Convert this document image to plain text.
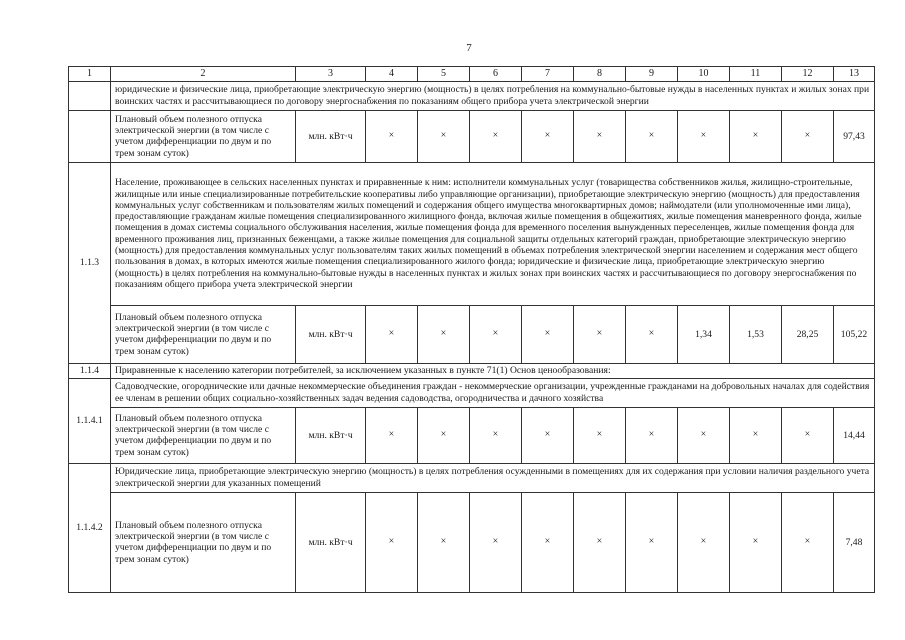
7
1	2	3	4	5	6	7	8	9	10	11	12	13
	юридические и физические лица, приобретающие электрическую энергию (мощность) в целях потребления на коммунально-бытовые нужды в населенных пунктах и жилых зонах при воинских частях и рассчитывающиеся по договору энергоснабжения по показаниям общего прибора учета электрической энергии											
	Плановый объем полезного отпуска электрической энергии (в том числе с учетом дифференциации по двум и по трем зонам суток)	млн. кВт·ч	×	×	×	×	×	×	×	×	×	97,43
1.1.3	Население, проживающее в сельских населенных пунктах и приравненные к ним: исполнители коммунальных услуг (товарищества собственников жилья, жилищно-строительные, жилищные или иные специализированные потребительские кооперативы либо управляющие организации), приобретающие электрическую энергию (мощность) для предоставления коммунальных услуг собственникам и пользователям жилых помещений и содержания общего имущества многоквартирных домов; наймодатели (или уполномоченные ими лица), предоставляющие гражданам жилые помещения специализированного жилищного фонда, включая жилые помещения в общежитиях, жилые помещения маневренного фонда, жилые помещения в домах системы социального обслуживания населения, жилые помещения фонда для временного поселения вынужденных переселенцев, жилые помещения фонда для временного проживания лиц, признанных беженцами, а также жилые помещения для социальной защиты отдельных категорий граждан, приобретающие электрическую энергию (мощность) для предоставления коммунальных услуг пользователям таких жилых помещений в объемах потребления электрической энергии населением и содержания мест общего пользования в домах, в которых имеются жилые помещения специализированного жилого фонда; юридические и физические лица, приобретающие электрическую энергию (мощность) в целях потребления на коммунально-бытовые нужды в населенных пунктах и жилых зонах при воинских частях и рассчитывающиеся по договору энергоснабжения по показаниям общего прибора учета электрической энергии											
	Плановый объем полезного отпуска электрической энергии (в том числе с учетом дифференциации по двум и по трем зонам суток)	млн. кВт·ч	×	×	×	×	×	×	1,34	1,53	28,25	105,22
1.1.4	Приравненные к населению категории потребителей, за исключением указанных в пункте 71(1) Основ ценообразования:											
1.1.4.1	Садоводческие, огороднические или дачные некоммерческие объединения граждан - некоммерческие организации, учрежденные гражданами на добровольных началах для содействия ее членам в решении общих социально-хозяйственных задач ведения садоводства, огородничества и дачного хозяйства											
	Плановый объем полезного отпуска электрической энергии (в том числе с учетом дифференциации по двум и по трем зонам суток)	млн. кВт·ч	×	×	×	×	×	×	×	×	×	14,44
1.1.4.2	Юридические лица, приобретающие электрическую энергию (мощность) в целях потребления осужденными в помещениях для их содержания при условии наличия раздельного учета электрической энергии для указанных помещений											
	Плановый объем полезного отпуска электрической энергии (в том числе с учетом дифференциации по двум и по трем зонам суток)	млн. кВт·ч	×	×	×	×	×	×	×	×	×	7,48
